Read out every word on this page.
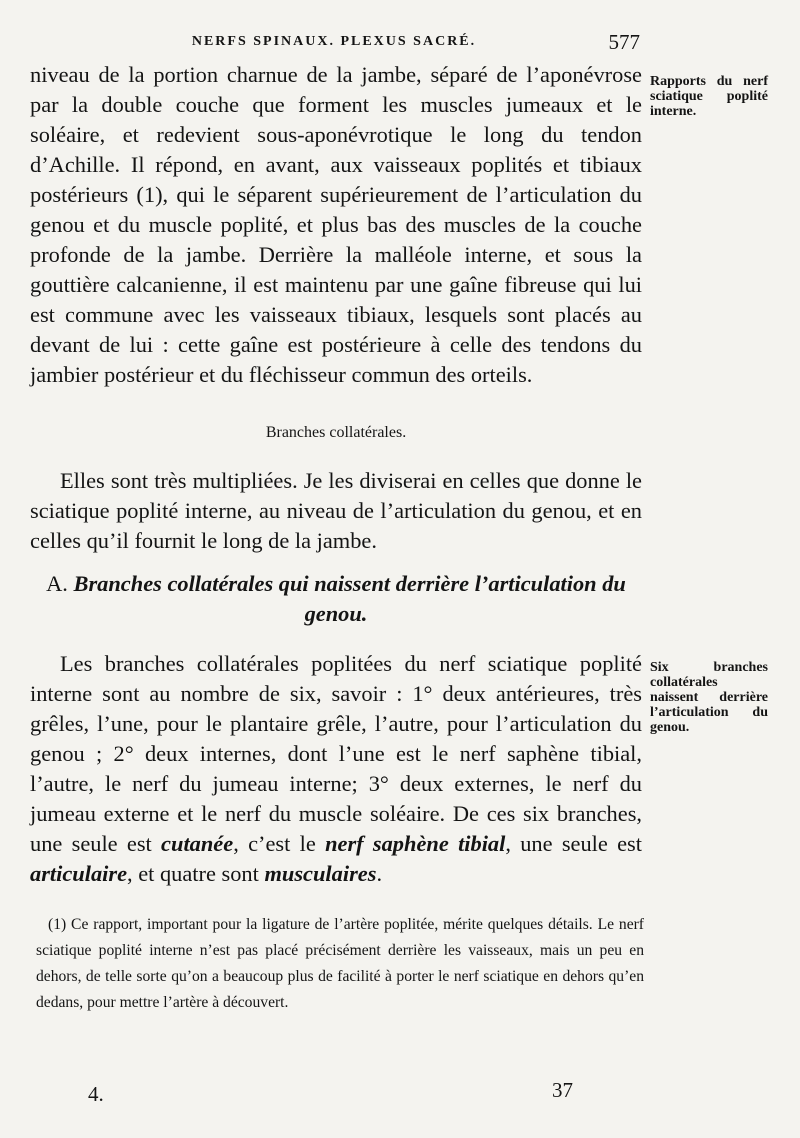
NERFS SPINAUX. PLEXUS SACRÉ.	577

niveau de la portion charnue de la jambe, séparé de l’aponévrose par la double couche que forment les muscles jumeaux et le soléaire, et redevient sous-aponévrotique le long du tendon d’Achille. Il répond, en avant, aux vaisseaux poplités et tibiaux postérieurs (1), qui le séparent supérieurement de l’articulation du genou et du muscle poplité, et plus bas des muscles de la couche profonde de la jambe. Derrière la malléole interne, et sous la gouttière calcanienne, il est maintenu par une gaîne fibreuse qui lui est commune avec les vaisseaux tibiaux, lesquels sont placés au devant de lui : cette gaîne est postérieure à celle des tendons du jambier postérieur et du fléchisseur commun des orteils.

Branches collatérales.

Elles sont très multipliées. Je les diviserai en celles que donne le sciatique poplité interne, au niveau de l’articulation du genou, et en celles qu’il fournit le long de la jambe.

A. Branches collatérales qui naissent derrière l’articulation du genou.

Les branches collatérales poplitées du nerf sciatique poplité interne sont au nombre de six, savoir : 1° deux antérieures, très grêles, l’une, pour le plantaire grêle, l’autre, pour l’articulation du genou ; 2° deux internes, dont l’une est le nerf saphène tibial, l’autre, le nerf du jumeau interne; 3° deux externes, le nerf du jumeau externe et le nerf du muscle soléaire. De ces six branches, une seule est cutanée, c’est le nerf saphène tibial, une seule est articulaire, et quatre sont musculaires.

(1) Ce rapport, important pour la ligature de l’artère poplitée, mérite quelques détails. Le nerf sciatique poplité interne n’est pas placé précisément derrière les vaisseaux, mais un peu en dehors, de telle sorte qu’on a beaucoup plus de facilité à porter le nerf sciatique en dehors qu’en dedans, pour mettre l’artère à découvert.
Rapports du nerf sciatique poplité interne.
Six branches collatérales naissent derrière l’articulation du genou.
4.	37
